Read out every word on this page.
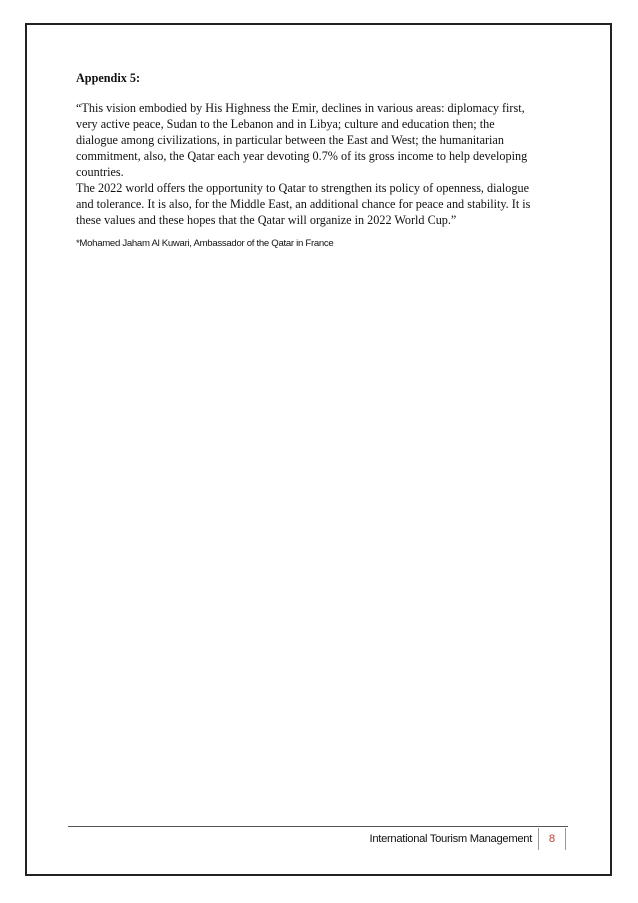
Appendix 5:

“This vision embodied by His Highness the Emir, declines in various areas: diplomacy first,
very active peace, Sudan to the Lebanon and in Libya; culture and education then; the
dialogue among civilizations, in particular between the East and West; the humanitarian
commitment, also, the Qatar each year devoting 0.7% of its gross income to help developing
countries.
The 2022 world offers the opportunity to Qatar to strengthen its policy of openness, dialogue
and tolerance. It is also, for the Middle East, an additional chance for peace and stability. It is
these values and these hopes that the Qatar will organize in 2022 World Cup.”
*Mohamed Jaham Al Kuwari, Ambassador of the Qatar in France
International Tourism Management	8
